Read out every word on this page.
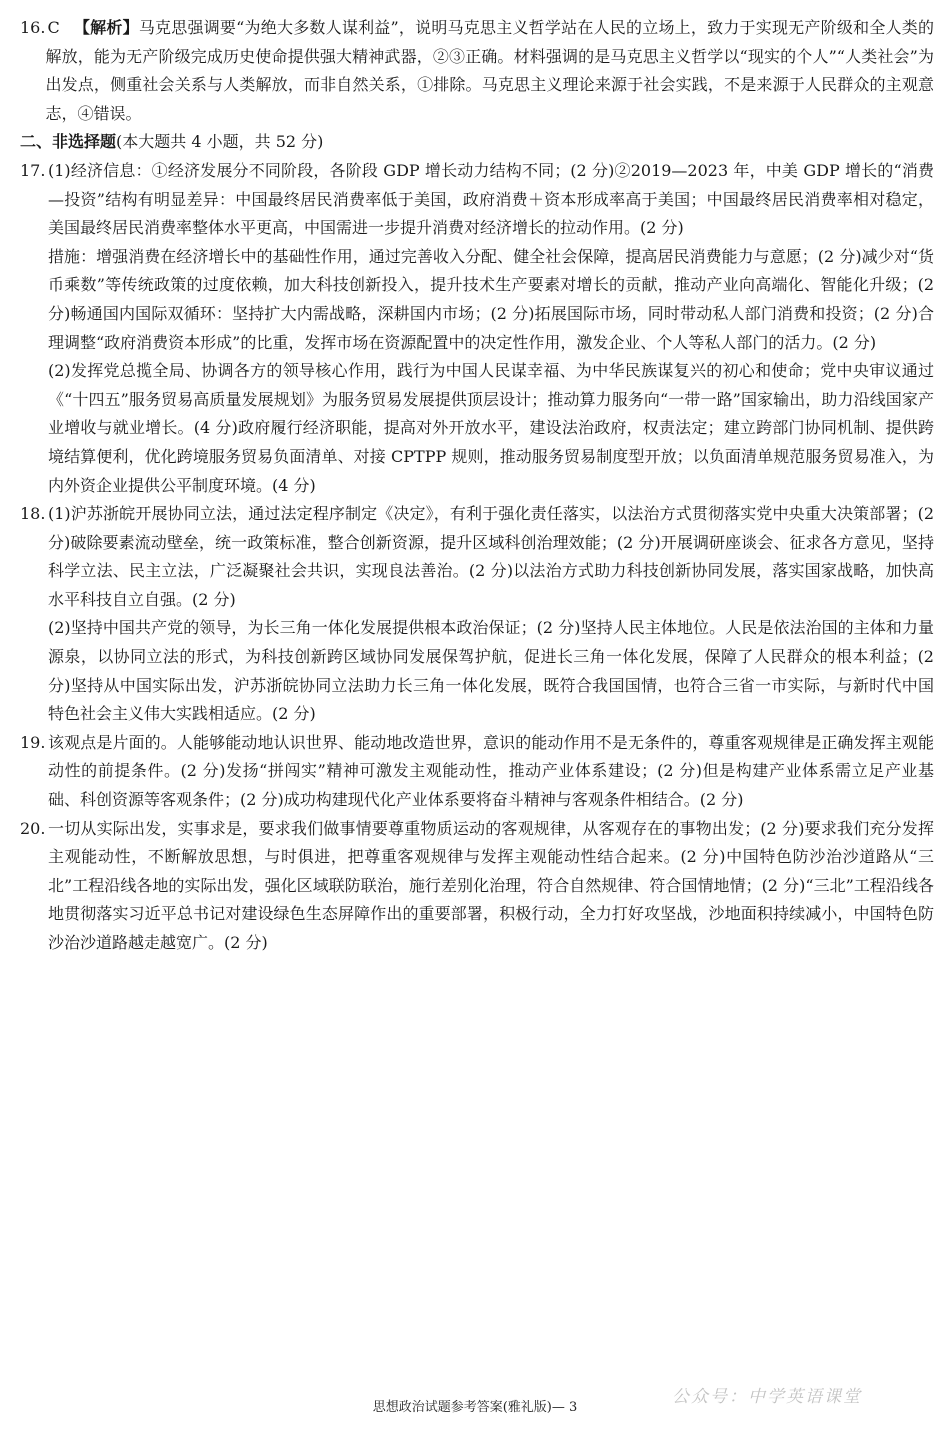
16. C 【解析】马克思强调要“为绝大多数人谋利益”，说明马克思主义哲学站在人民的立场上，致力于实现无产阶级和全人类的解放，能为无产阶级完成历史使命提供强大精神武器，②③正确。材料强调的是马克思主义哲学以“现实的个人”“人类社会”为出发点，侧重社会关系与人类解放，而非自然关系，①排除。马克思主义理论来源于社会实践，不是来源于人民群众的主观意志，④错误。

二、非选择题(本大题共 4 小题，共 52 分)

17. (1)经济信息：①经济发展分不同阶段，各阶段 GDP 增长动力结构不同；(2 分)②2019—2023 年，中美 GDP 增长的“消费—投资”结构有明显差异：中国最终居民消费率低于美国，政府消费＋资本形成率高于美国；中国最终居民消费率相对稳定，美国最终居民消费率整体水平更高，中国需进一步提升消费对经济增长的拉动作用。(2 分)

措施：增强消费在经济增长中的基础性作用，通过完善收入分配、健全社会保障，提高居民消费能力与意愿；(2 分)减少对“货币乘数”等传统政策的过度依赖，加大科技创新投入，提升技术生产要素对增长的贡献，推动产业向高端化、智能化升级；(2 分)畅通国内国际双循环：坚持扩大内需战略，深耕国内市场；(2 分)拓展国际市场，同时带动私人部门消费和投资；(2 分)合理调整“政府消费资本形成”的比重，发挥市场在资源配置中的决定性作用，激发企业、个人等私人部门的活力。(2 分)

(2)发挥党总揽全局、协调各方的领导核心作用，践行为中国人民谋幸福、为中华民族谋复兴的初心和使命；党中央审议通过《“十四五”服务贸易高质量发展规划》为服务贸易发展提供顶层设计；推动算力服务向“一带一路”国家输出，助力沿线国家产业增收与就业增长。(4 分)政府履行经济职能，提高对外开放水平，建设法治政府，权责法定；建立跨部门协同机制、提供跨境结算便利，优化跨境服务贸易负面清单、对接 CPTPP 规则，推动服务贸易制度型开放；以负面清单规范服务贸易准入，为内外资企业提供公平制度环境。(4 分)

18. (1)沪苏浙皖开展协同立法，通过法定程序制定《决定》，有利于强化责任落实，以法治方式贯彻落实党中央重大决策部署；(2 分)破除要素流动壁垒，统一政策标准，整合创新资源，提升区域科创治理效能；(2 分)开展调研座谈会、征求各方意见，坚持科学立法、民主立法，广泛凝聚社会共识，实现良法善治。(2 分)以法治方式助力科技创新协同发展，落实国家战略，加快高水平科技自立自强。(2 分)

(2)坚持中国共产党的领导，为长三角一体化发展提供根本政治保证；(2 分)坚持人民主体地位。人民是依法治国的主体和力量源泉，以协同立法的形式，为科技创新跨区域协同发展保驾护航，促进长三角一体化发展，保障了人民群众的根本利益；(2 分)坚持从中国实际出发，沪苏浙皖协同立法助力长三角一体化发展，既符合我国国情，也符合三省一市实际，与新时代中国特色社会主义伟大实践相适应。(2 分)

19. 该观点是片面的。人能够能动地认识世界、能动地改造世界，意识的能动作用不是无条件的，尊重客观规律是正确发挥主观能动性的前提条件。(2 分)发扬“拼闯实”精神可激发主观能动性，推动产业体系建设；(2 分)但是构建产业体系需立足产业基础、科创资源等客观条件；(2 分)成功构建现代化产业体系要将奋斗精神与客观条件相结合。(2 分)

20. 一切从实际出发，实事求是，要求我们做事情要尊重物质运动的客观规律，从客观存在的事物出发；(2 分)要求我们充分发挥主观能动性，不断解放思想，与时俱进，把尊重客观规律与发挥主观能动性结合起来。(2 分)中国特色防沙治沙道路从“三北”工程沿线各地的实际出发，强化区域联防联治，施行差别化治理，符合自然规律、符合国情地情；(2 分)“三北”工程沿线各地贯彻落实习近平总书记对建设绿色生态屏障作出的重要部署，积极行动，全力打好攻坚战，沙地面积持续减小，中国特色防沙治沙道路越走越宽广。(2 分)

思想政治试题参考答案(雅礼版)— 3
公众号：中学英语课堂
